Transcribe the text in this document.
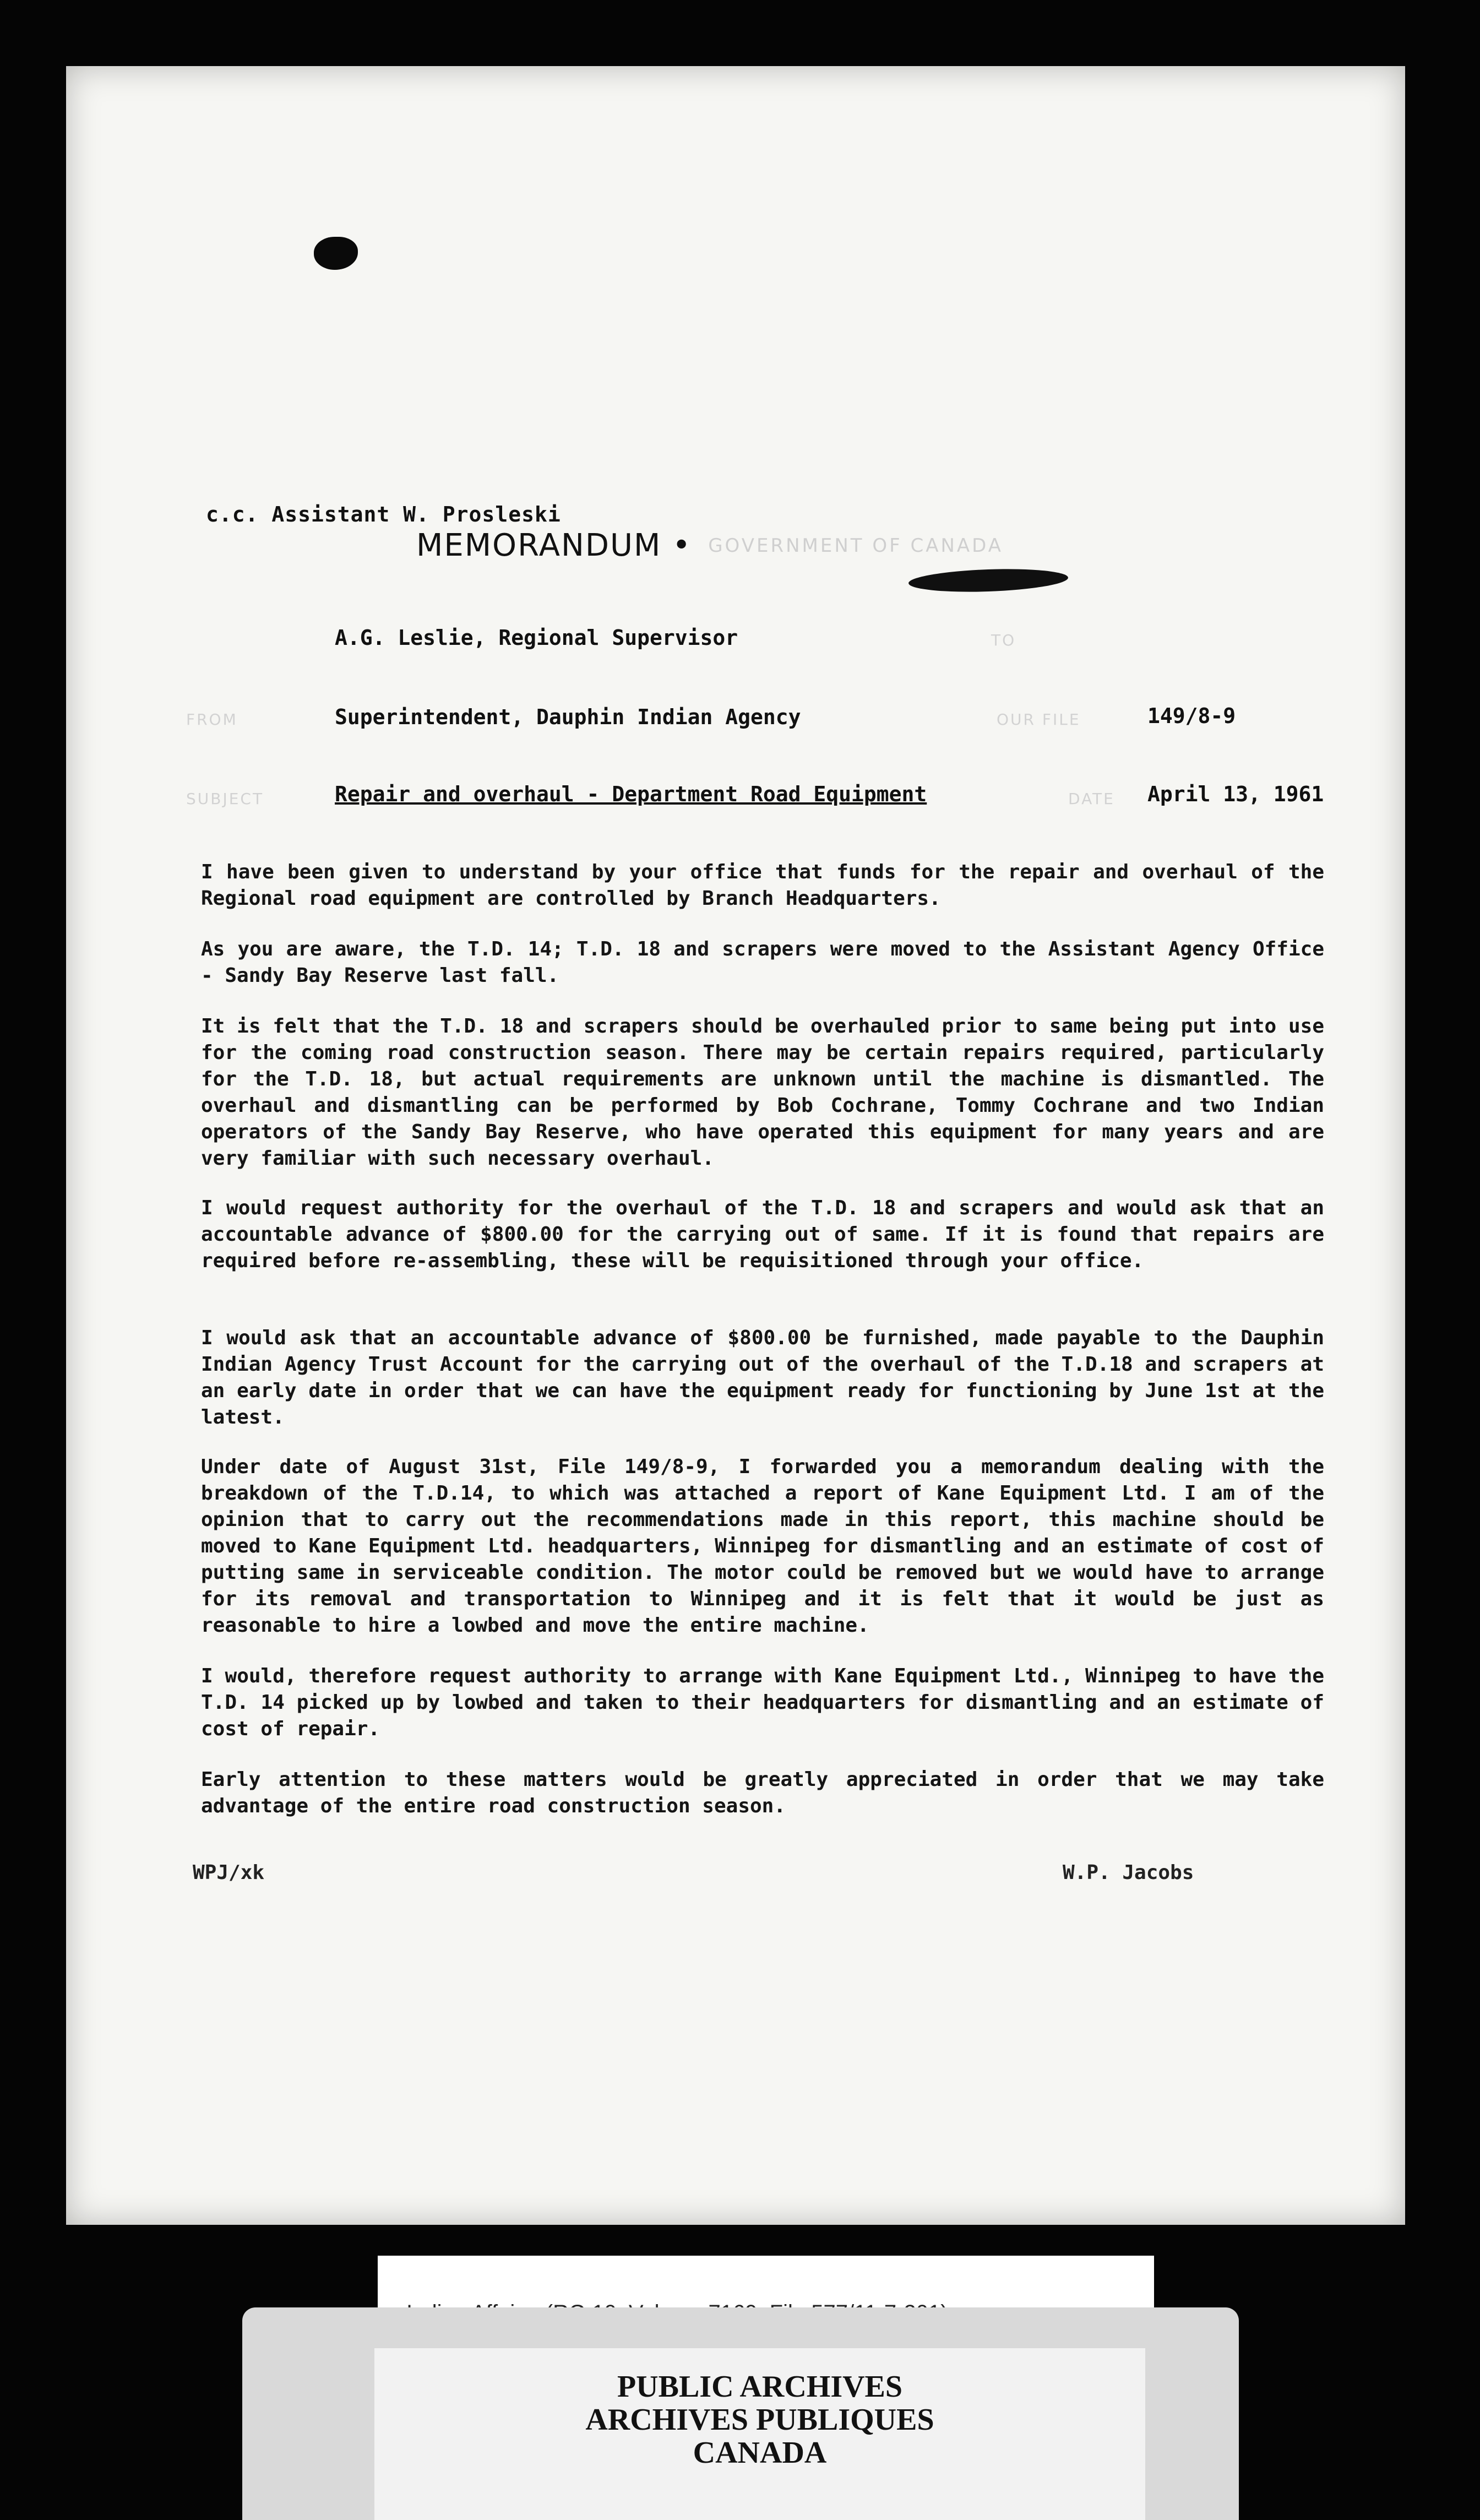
c.c. Assistant W. Prosleski
MEMORANDUM • GOVERNMENT OF CANADA
TO
A.G. Leslie, Regional Supervisor
FROM	Superintendent, Dauphin Indian Agency	OUR FILE	149/8-9
SUBJECT	Repair and overhaul - Department Road Equipment	DATE April 13, 1961

I have been given to understand by your office that funds for the repair and overhaul of the Regional road equipment are controlled by Branch Headquarters.

As you are aware, the T.D. 14; T.D. 18 and scrapers were moved to the Assistant Agency Office - Sandy Bay Reserve last fall.

It is felt that the T.D. 18 and scrapers should be overhauled prior to same being put into use for the coming road construction season. There may be certain repairs required, particularly for the T.D. 18, but actual requirements are unknown until the machine is dismantled. The overhaul and dismantling can be performed by Bob Cochrane, Tommy Cochrane and two Indian operators of the Sandy Bay Reserve, who have operated this equipment for many years and are very familiar with such necessary overhaul.

I would request authority for the overhaul of the T.D. 18 and scrapers and would ask that an accountable advance of $800.00 for the carrying out of same. If it is found that repairs are required before re-assembling, these will be requisitioned through your office.

I would ask that an accountable advance of $800.00 be furnished, made payable to the Dauphin Indian Agency Trust Account for the carrying out of the overhaul of the T.D.18 and scrapers at an early date in order that we can have the equipment ready for functioning by June 1st at the latest.

Under date of August 31st, File 149/8-9, I forwarded you a memorandum dealing with the breakdown of the T.D.14, to which was attached a report of Kane Equipment Ltd. I am of the opinion that to carry out the recommendations made in this report, this machine should be moved to Kane Equipment Ltd. headquarters, Winnipeg for dismantling and an estimate of cost of putting same in serviceable condition. The motor could be removed but we would have to arrange for its removal and transportation to Winnipeg and it is felt that it would be just as reasonable to hire a lowbed and move the entire machine.

I would, therefore request authority to arrange with Kane Equipment Ltd., Winnipeg to have the T.D. 14 picked up by lowbed and taken to their headquarters for dismantling and an estimate of cost of repair.

Early attention to these matters would be greatly appreciated in order that we may take advantage of the entire road construction season.

WPJ/xk	W.P. Jacobs
PUBLIC ARCHIVES
ARCHIVES PUBLIQUES
CANADA
